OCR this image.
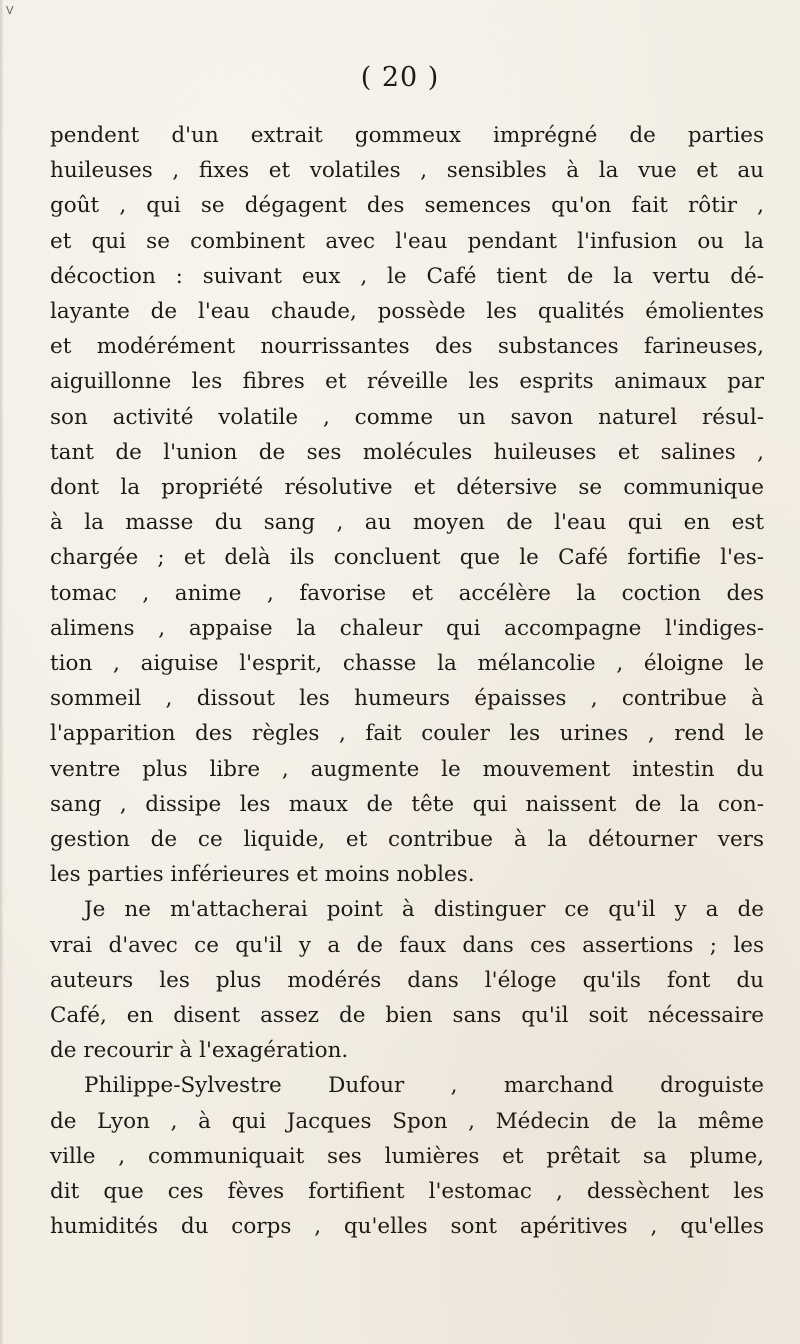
V
( 20 )
pendent d'un extrait gommeux imprégné de parties
huileuses , fixes et volatiles , sensibles à la vue et au
goût , qui se dégagent des semences qu'on fait rôtir ,
et qui se combinent avec l'eau pendant l'infusion ou la
décoction : suivant eux , le Café tient de la vertu dé-
layante de l'eau chaude, possède les qualités émolientes
et modérément nourrissantes des substances farineuses,
aiguillonne les fibres et réveille les esprits animaux par
son activité volatile , comme un savon naturel résul-
tant de l'union de ses molécules huileuses et salines ,
dont la propriété résolutive et détersive se communique
à la masse du sang , au moyen de l'eau qui en est
chargée ; et delà ils concluent que le Café fortifie l'es-
tomac , anime , favorise et accélère la coction des
alimens , appaise la chaleur qui accompagne l'indiges-
tion , aiguise l'esprit, chasse la mélancolie , éloigne le
sommeil , dissout les humeurs épaisses , contribue à
l'apparition des règles , fait couler les urines , rend le
ventre plus libre , augmente le mouvement intestin du
sang , dissipe les maux de tête qui naissent de la con-
gestion de ce liquide, et contribue à la détourner vers
les parties inférieures et moins nobles.
Je ne m'attacherai point à distinguer ce qu'il y a de
vrai d'avec ce qu'il y a de faux dans ces assertions ; les
auteurs les plus modérés dans l'éloge qu'ils font du
Café, en disent assez de bien sans qu'il soit nécessaire
de recourir à l'exagération.
Philippe-Sylvestre Dufour , marchand droguiste
de Lyon , à qui Jacques Spon , Médecin de la même
ville , communiquait ses lumières et prêtait sa plume,
dit que ces fèves fortifient l'estomac , dessèchent les
humidités du corps , qu'elles sont apéritives , qu'elles
